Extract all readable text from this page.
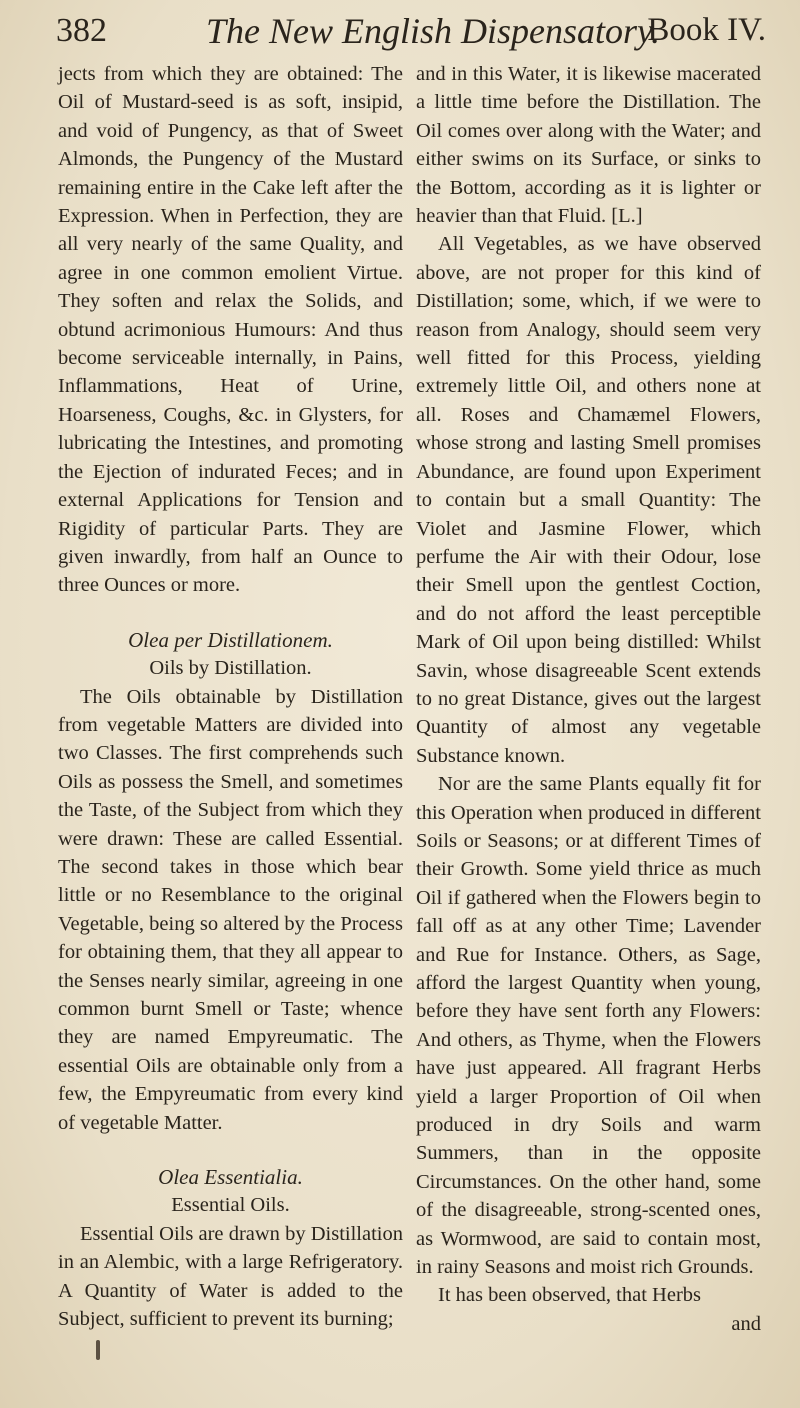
382	The New English Dispensatory.
Book IV.

jects from which they are obtained: The Oil of Mustard-seed is as soft, insipid, and void of Pungency, as that of Sweet Almonds, the Pungency of the Mustard remaining entire in the Cake left after the Expression. When in Perfection, they are all very nearly of the same Quality, and agree in one common emolient Virtue. They soften and relax the Solids, and obtund acrimonious Humours: And thus become serviceable internally, in Pains, Inflammations, Heat of Urine, Hoarseness, Coughs, &c. in Glysters, for lubricating the Intestines, and promoting the Ejection of indurated Feces; and in external Applications for Tension and Rigidity of particular Parts. They are given inwardly, from half an Ounce to three Ounces or more.

Olea per Distillationem.

Oils by Distillation.

The Oils obtainable by Distillation from vegetable Matters are divided into two Classes. The first comprehends such Oils as possess the Smell, and sometimes the Taste, of the Subject from which they were drawn: These are called Essential. The second takes in those which bear little or no Resemblance to the original Vegetable, being so altered by the Process for obtaining them, that they all appear to the Senses nearly similar, agreeing in one common burnt Smell or Taste; whence they are named Empyreumatic. The essential Oils are obtainable only from a few, the Empyreumatic from every kind of vegetable Matter.

Olea Essentialia.

Essential Oils.

Essential Oils are drawn by Distillation in an Alembic, with a large Refrigeratory. A Quantity of Water is added to the Subject, sufficient to prevent its burning;

and in this Water, it is likewise macerated a little time before the Distillation. The Oil comes over along with the Water; and either swims on its Surface, or sinks to the Bottom, according as it is lighter or heavier than that Fluid. [L.]

All Vegetables, as we have observed above, are not proper for this kind of Distillation; some, which, if we were to reason from Analogy, should seem very well fitted for this Process, yielding extremely little Oil, and others none at all. Roses and Chamæmel Flowers, whose strong and lasting Smell promises Abundance, are found upon Experiment to contain but a small Quantity: The Violet and Jasmine Flower, which perfume the Air with their Odour, lose their Smell upon the gentlest Coction, and do not afford the least perceptible Mark of Oil upon being distilled: Whilst Savin, whose disagreeable Scent extends to no great Distance, gives out the largest Quantity of almost any vegetable Substance known.

Nor are the same Plants equally fit for this Operation when produced in different Soils or Seasons; or at different Times of their Growth. Some yield thrice as much Oil if gathered when the Flowers begin to fall off as at any other Time; Lavender and Rue for Instance. Others, as Sage, afford the largest Quantity when young, before they have sent forth any Flowers: And others, as Thyme, when the Flowers have just appeared. All fragrant Herbs yield a larger Proportion of Oil when produced in dry Soils and warm Summers, than in the opposite Circumstances. On the other hand, some of the disagreeable, strong-scented ones, as Wormwood, are said to contain most, in rainy Seasons and moist rich Grounds.

It has been observed, that Herbs

and
